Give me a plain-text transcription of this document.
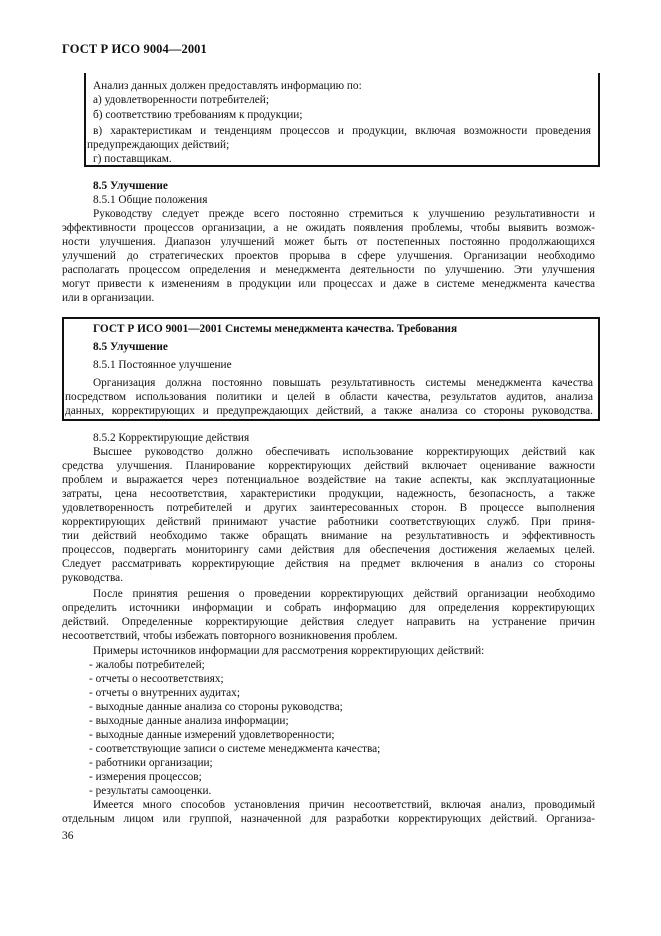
ГОСТ Р ИСО 9004—2001
Анализ данных должен предоставлять информацию по:
а) удовлетворенности потребителей;
б) соответствию требованиям к продукции;
в) характеристикам и тенденциям процессов и продукции, включая возможности проведения
предупреждающих действий;
г) поставщикам.
8.5 Улучшение
8.5.1 Общие положения
Руководству следует прежде всего постоянно стремиться к улучшению результативности и
эффективности процессов организации, а не ожидать появления проблемы, чтобы выявить возмож-
ности улучшения. Диапазон улучшений может быть от постепенных постоянно продолжающихся
улучшений до стратегических проектов прорыва в сфере улучшения. Организации необходимо
располагать процессом определения и менеджмента деятельности по улучшению. Эти улучшения
могут привести к изменениям в продукции или процессах и даже в системе менеджмента качества
или в организации.
ГОСТ Р ИСО 9001—2001 Системы менеджмента качества. Требования
8.5 Улучшение
8.5.1 Постоянное улучшение
Организация должна постоянно повышать результативность системы менеджмента качества
посредством использования политики и целей в области качества, результатов аудитов, анализа
данных, корректирующих и предупреждающих действий, а также анализа со стороны руководства.
8.5.2 Корректирующие действия
Высшее руководство должно обеспечивать использование корректирующих действий как
средства улучшения. Планирование корректирующих действий включает оценивание важности
проблем и выражается через потенциальное воздействие на такие аспекты, как эксплуатационные
затраты, цена несоответствия, характеристики продукции, надежность, безопасность, а также
удовлетворенность потребителей и других заинтересованных сторон. В процессе выполнения
корректирующих действий принимают участие работники соответствующих служб. При приня-
тии действий необходимо также обращать внимание на результативность и эффективность
процессов, подвергать мониторингу сами действия для обеспечения достижения желаемых целей.
Следует рассматривать корректирующие действия на предмет включения в анализ со стороны
руководства.
После принятия решения о проведении корректирующих действий организации необходимо
определить источники информации и собрать информацию для определения корректирующих
действий. Определенные корректирующие действия следует направить на устранение причин
несоответствий, чтобы избежать повторного возникновения проблем.
Примеры источников информации для рассмотрения корректирующих действий:
- жалобы потребителей;
- отчеты о несоответствиях;
- отчеты о внутренних аудитах;
- выходные данные анализа со стороны руководства;
- выходные данные анализа информации;
- выходные данные измерений удовлетворенности;
- соответствующие записи о системе менеджмента качества;
- работники организации;
- измерения процессов;
- результаты самооценки.
Имеется много способов установления причин несоответствий, включая анализ, проводимый
отдельным лицом или группой, назначенной для разработки корректирующих действий. Организа-
36
